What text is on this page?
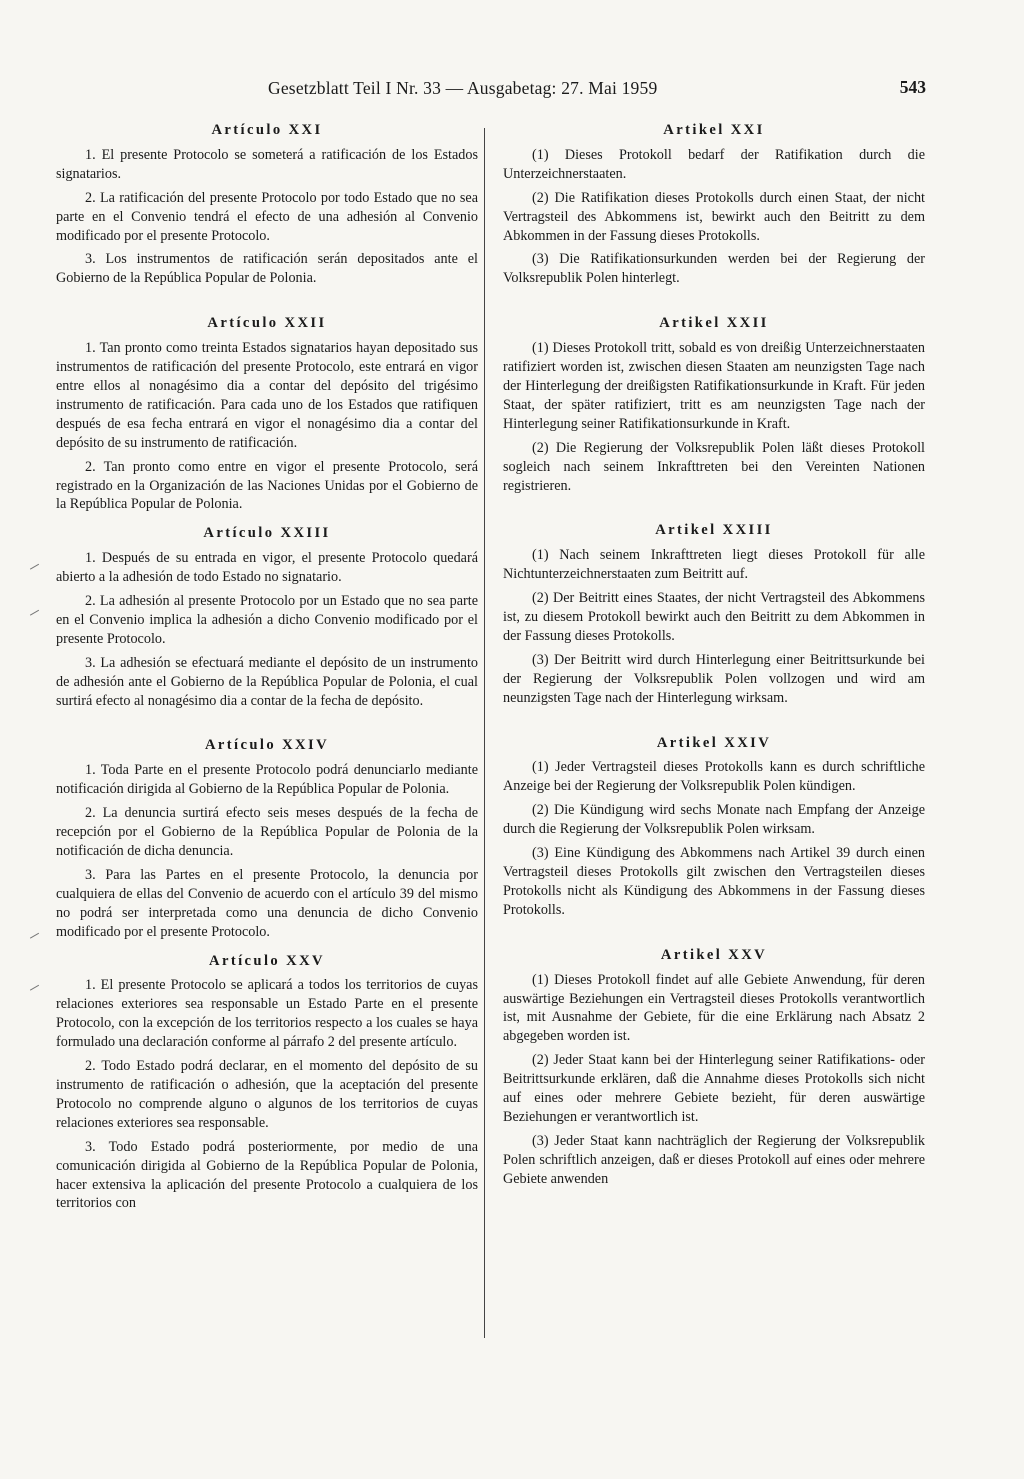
Gesetzblatt Teil I Nr. 33 — Ausgabetag: 27. Mai 1959	543
Artículo XXI

1. El presente Protocolo se someterá a ratificación de los Estados signatarios.

2. La ratificación del presente Protocolo por todo Estado que no sea parte en el Convenio tendrá el efecto de una adhesión al Convenio modificado por el presente Protocolo.

3. Los instrumentos de ratificación serán depositados ante el Gobierno de la República Popular de Polonia.

Artículo XXII

1. Tan pronto como treinta Estados signatarios hayan depositado sus instrumentos de ratificación del presente Protocolo, este entrará en vigor entre ellos al nonagésimo dia a contar del depósito del trigésimo instrumento de ratificación. Para cada uno de los Estados que ratifiquen después de esa fecha entrará en vigor el nonagésimo dia a contar del depósito de su instrumento de ratificación.

2. Tan pronto como entre en vigor el presente Protocolo, será registrado en la Organización de las Naciones Unidas por el Gobierno de la República Popular de Polonia.

Artículo XXIII

1. Después de su entrada en vigor, el presente Protocolo quedará abierto a la adhesión de todo Estado no signatario.

2. La adhesión al presente Protocolo por un Estado que no sea parte en el Convenio implica la adhesión a dicho Convenio modificado por el presente Protocolo.

3. La adhesión se efectuará mediante el depósito de un instrumento de adhesión ante el Gobierno de la República Popular de Polonia, el cual surtirá efecto al nonagésimo dia a contar de la fecha de depósito.

Artículo XXIV

1. Toda Parte en el presente Protocolo podrá denunciarlo mediante notificación dirigida al Gobierno de la República Popular de Polonia.

2. La denuncia surtirá efecto seis meses después de la fecha de recepción por el Gobierno de la República Popular de Polonia de la notificación de dicha denuncia.

3. Para las Partes en el presente Protocolo, la denuncia por cualquiera de ellas del Convenio de acuerdo con el artículo 39 del mismo no podrá ser interpretada como una denuncia de dicho Convenio modificado por el presente Protocolo.

Artículo XXV

1. El presente Protocolo se aplicará a todos los territorios de cuyas relaciones exteriores sea responsable un Estado Parte en el presente Protocolo, con la excepción de los territorios respecto a los cuales se haya formulado una declaración conforme al párrafo 2 del presente artículo.

2. Todo Estado podrá declarar, en el momento del depósito de su instrumento de ratificación o adhesión, que la aceptación del presente Protocolo no comprende alguno o algunos de los territorios de cuyas relaciones exteriores sea responsable.

3. Todo Estado podrá posteriormente, por medio de una comunicación dirigida al Gobierno de la República Popular de Polonia, hacer extensiva la aplicación del presente Protocolo a cualquiera de los territorios con

Artikel XXI

(1) Dieses Protokoll bedarf der Ratifikation durch die Unterzeichnerstaaten.

(2) Die Ratifikation dieses Protokolls durch einen Staat, der nicht Vertragsteil des Abkommens ist, bewirkt auch den Beitritt zu dem Abkommen in der Fassung dieses Protokolls.

(3) Die Ratifikationsurkunden werden bei der Regierung der Volksrepublik Polen hinterlegt.

Artikel XXII

(1) Dieses Protokoll tritt, sobald es von dreißig Unterzeichnerstaaten ratifiziert worden ist, zwischen diesen Staaten am neunzigsten Tage nach der Hinterlegung der dreißigsten Ratifikationsurkunde in Kraft. Für jeden Staat, der später ratifiziert, tritt es am neunzigsten Tage nach der Hinterlegung seiner Ratifikationsurkunde in Kraft.

(2) Die Regierung der Volksrepublik Polen läßt dieses Protokoll sogleich nach seinem Inkrafttreten bei den Vereinten Nationen registrieren.

Artikel XXIII

(1) Nach seinem Inkrafttreten liegt dieses Protokoll für alle Nichtunterzeichnerstaaten zum Beitritt auf.

(2) Der Beitritt eines Staates, der nicht Vertragsteil des Abkommens ist, zu diesem Protokoll bewirkt auch den Beitritt zu dem Abkommen in der Fassung dieses Protokolls.

(3) Der Beitritt wird durch Hinterlegung einer Beitrittsurkunde bei der Regierung der Volksrepublik Polen vollzogen und wird am neunzigsten Tage nach der Hinterlegung wirksam.

Artikel XXIV

(1) Jeder Vertragsteil dieses Protokolls kann es durch schriftliche Anzeige bei der Regierung der Volksrepublik Polen kündigen.

(2) Die Kündigung wird sechs Monate nach Empfang der Anzeige durch die Regierung der Volksrepublik Polen wirksam.

(3) Eine Kündigung des Abkommens nach Artikel 39 durch einen Vertragsteil dieses Protokolls gilt zwischen den Vertragsteilen dieses Protokolls nicht als Kündigung des Abkommens in der Fassung dieses Protokolls.

Artikel XXV

(1) Dieses Protokoll findet auf alle Gebiete Anwendung, für deren auswärtige Beziehungen ein Vertragsteil dieses Protokolls verantwortlich ist, mit Ausnahme der Gebiete, für die eine Erklärung nach Absatz 2 abgegeben worden ist.

(2) Jeder Staat kann bei der Hinterlegung seiner Ratifikations- oder Beitrittsurkunde erklären, daß die Annahme dieses Protokolls sich nicht auf eines oder mehrere Gebiete bezieht, für deren auswärtige Beziehungen er verantwortlich ist.

(3) Jeder Staat kann nachträglich der Regierung der Volksrepublik Polen schriftlich anzeigen, daß er dieses Protokoll auf eines oder mehrere Gebiete anwenden
